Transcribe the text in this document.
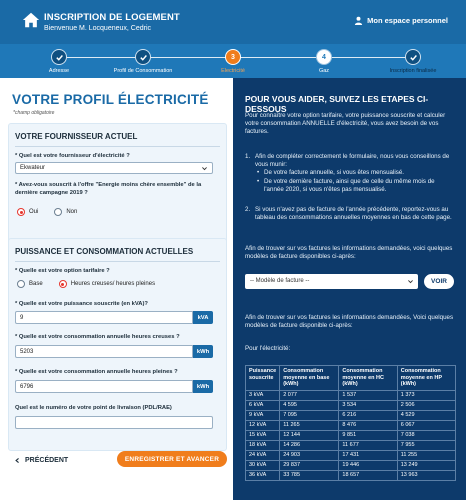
INSCRIPTION DE LOGEMENT
Bienvenue M. Locqueneux, Cedric
Mon espace personnel
Adresse	Profil de Consommation
3
Electricité
4
Gaz	Inscription finalisée
VOTRE PROFIL ÉLECTRICITÉ
*champ obligatoire
VOTRE FOURNISSEUR ACTUEL
* Quel est votre fournisseur d'électricité ?
Ekwateur
* Avez-vous souscrit à l'offre "Energie moins chère ensemble" de la dernière campagne 2019 ?
Oui	Non
PUISSANCE ET CONSOMMATION ACTUELLES
* Quelle est votre option tarifaire ?
Base	Heures creuses/ heures pleines
* Quelle est votre puissance souscrite (en kVA)?
9	kVA
* Quelle est votre consommation annuelle heures creuses ?
5203	kWh
* Quelle est votre consommation annuelle heures pleines ?
6796	kWh
Quel est le numéro de votre point de livraison (PDL/RAE)
PRÉCÉDENT	ENREGISTRER ET AVANCER
POUR VOUS AIDER, SUIVEZ LES ETAPES CI-DESSOUS
Pour connaître votre option tarifaire, votre puissance souscrite et calculer votre consommation ANNUELLE d'électricité, vous avez besoin de vos factures.
1. Afin de compléter correctement le formulaire, nous vous conseillons de vous munir:
• De votre facture annuelle, si vous êtes mensualisé.
• De votre dernière facture, ainsi que de celle du même mois de l'année 2020, si vous n'êtes pas mensualisé.
2. Si vous n'avez pas de facture de l'année précédente, reportez-vous au tableau des consommations annuelles moyennes en bas de cette page.
Afin de trouver sur vos factures les informations demandées, voici quelques modèles de facture disponibles ci-après:
-- Modèle de facture --	VOIR
Afin de trouver sur vos factures les informations demandées, Voici quelques modèles de facture disponible ci-après:
Pour l'électricité:
Puissance souscrite	Consommation moyenne en base (kWh)	Consommation moyenne en HC (kWh)	Consommation moyenne en HP (kWh)
3 kVA	2 077	1 537	1 373
6 kVA	4 595	3 534	2 506
9 kVA	7 095	6 216	4 529
12 kVA	11 265	8 476	6 067
15 kVA	12 144	9 851	7 038
18 kVA	14 286	11 677	7 955
24 kVA	24 903	17 431	11 255
30 kVA	29 837	19 446	13 249
36 kVA	33 785	18 657	13 963
